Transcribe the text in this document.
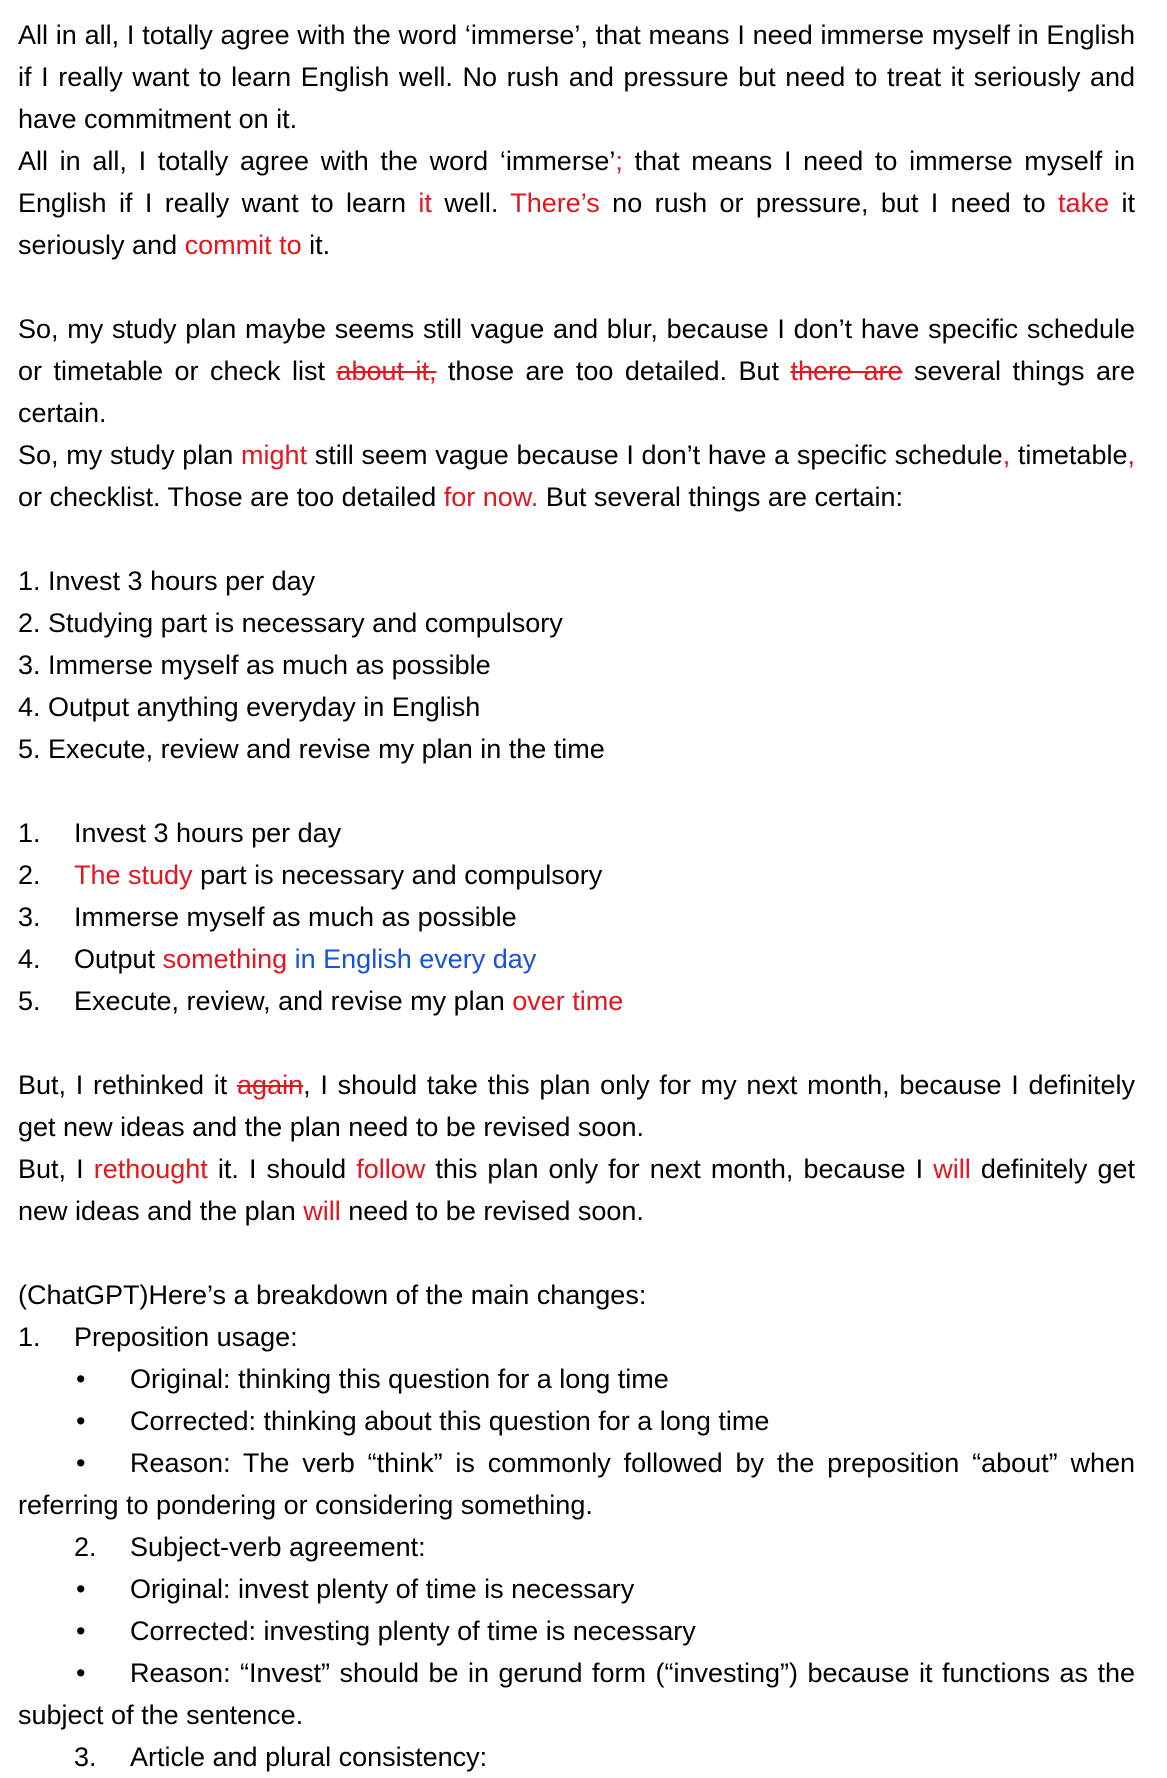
All in all, I totally agree with the word ‘immerse’, that means I need immerse myself in English if I really want to learn English well. No rush and pressure but need to treat it seriously and have commitment on it.

All in all, I totally agree with the word ‘immerse’; that means I need to immerse myself in English if I really want to learn it well. There’s no rush or pressure, but I need to take it seriously and commit to it.

So, my study plan maybe seems still vague and blur, because I don’t have specific schedule or timetable or check list about it, those are too detailed. But there are several things are certain.

So, my study plan might still seem vague because I don’t have a specific schedule, timetable, or checklist. Those are too detailed for now. But several things are certain:

1. Invest 3 hours per day
2. Studying part is necessary and compulsory
3. Immerse myself as much as possible
4. Output anything everyday in English
5. Execute, review and revise my plan in the time
1.	Invest 3 hours per day
2.	The study part is necessary and compulsory
3.	Immerse myself as much as possible
4.	Output something in English every day
5.	Execute, review, and revise my plan over time

But, I rethinked it again, I should take this plan only for my next month, because I definitely get new ideas and the plan need to be revised soon.

But, I rethought it. I should follow this plan only for next month, because I will definitely get new ideas and the plan will need to be revised soon.

(ChatGPT)Here’s a breakdown of the main changes:
1.	Preposition usage:
•	Original: thinking this question for a long time
•	Corrected: thinking about this question for a long time

• Reason: The verb “think” is commonly followed by the preposition “about” when referring to pondering or considering something.

2.	Subject-verb agreement:
•	Original: invest plenty of time is necessary
•	Corrected: investing plenty of time is necessary

• Reason: “Invest” should be in gerund form (“investing”) because it functions as the subject of the sentence.

3.	Article and plural consistency:
